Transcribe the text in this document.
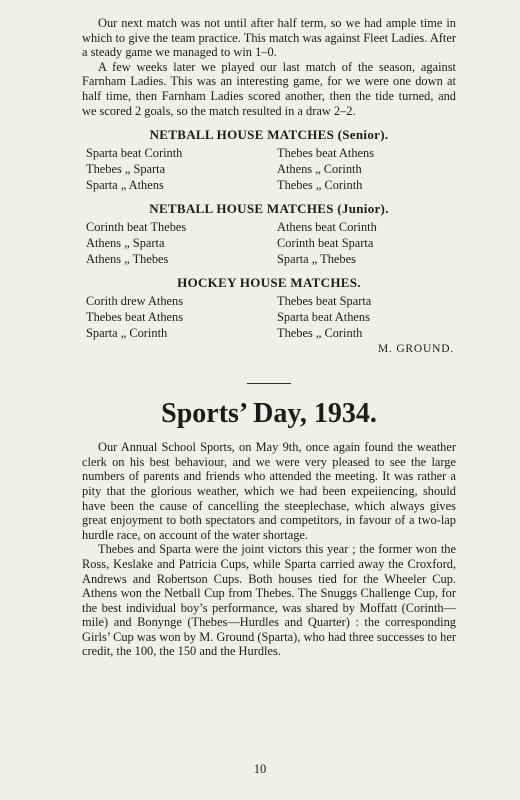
Our next match was not until after half term, so we had ample time in which to give the team practice. This match was against Fleet Ladies. After a steady game we managed to win 1–0.

A few weeks later we played our last match of the season, against Farnham Ladies. This was an interesting game, for we were one down at half time, then Farnham Ladies scored another, then the tide turned, and we scored 2 goals, so the match resulted in a draw 2–2.

NETBALL HOUSE MATCHES (Senior).
Sparta beat Corinth	Thebes beat Athens
Thebes „ Sparta	Athens „ Corinth
Sparta „ Athens	Thebes „ Corinth
NETBALL HOUSE MATCHES (Junior).
Corinth beat Thebes	Athens beat Corinth
Athens „ Sparta	Corinth beat Sparta
Athens „ Thebes	Sparta „ Thebes
HOCKEY HOUSE MATCHES.
Corith drew Athens	Thebes beat Sparta
Thebes beat Athens	Sparta beat Athens
Sparta „ Corinth	Thebes „ Corinth
M. GROUND.
Sports’ Day, 1934.

Our Annual School Sports, on May 9th, once again found the weather clerk on his best behaviour, and we were very pleased to see the large numbers of parents and friends who attended the meeting. It was rather a pity that the glorious weather, which we had been expeiiencing, should have been the cause of cancelling the steeplechase, which always gives great enjoyment to both spectators and competitors, in favour of a two-lap hurdle race, on account of the water shortage.

Thebes and Sparta were the joint victors this year ; the former won the Ross, Keslake and Patricia Cups, while Sparta carried away the Croxford, Andrews and Robertson Cups. Both houses tied for the Wheeler Cup. Athens won the Netball Cup from Thebes. The Snuggs Challenge Cup, for the best individual boy’s performance, was shared by Moffatt (Corinth—mile) and Bonynge (Thebes—Hurdles and Quarter) : the corresponding Girls’ Cup was won by M. Ground (Sparta), who had three successes to her credit, the 100, the 150 and the Hurdles.

10
